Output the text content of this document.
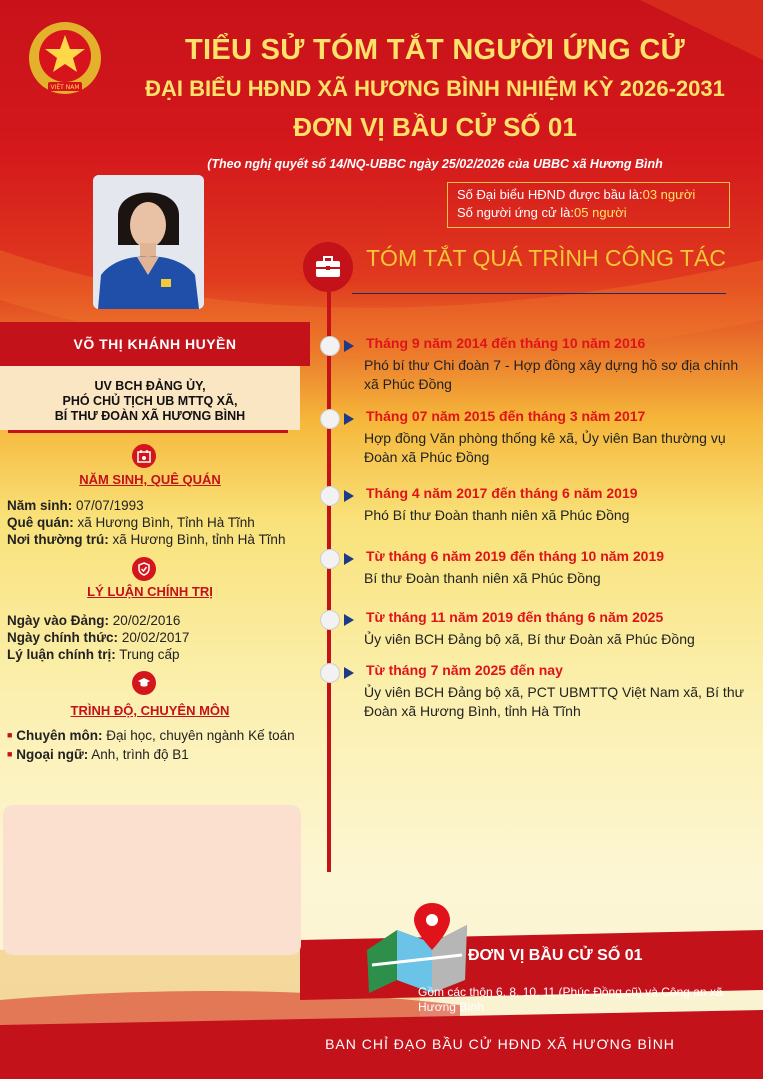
VIỆT NAM
TIỂU SỬ TÓM TẮT NGƯỜI ỨNG CỬ
ĐẠI BIỂU HĐND XÃ HƯƠNG BÌNH NHIỆM KỲ 2026-2031
ĐƠN VỊ BẦU CỬ SỐ 01
(Theo nghị quyết số 14/NQ-UBBC ngày 25/02/2026 của UBBC xã Hương Bình
Số Đại biểu HĐND được bầu là:03 người
Số người ứng cử là:05 người
VÕ THỊ KHÁNH HUYỀN
UV BCH ĐẢNG ỦY,
PHÓ CHỦ TỊCH UB MTTQ XÃ,
BÍ THƯ ĐOÀN XÃ HƯƠNG BÌNH
NĂM SINH, QUÊ QUÁN
Năm sinh: 07/07/1993
Quê quán: xã Hương Bình, Tỉnh Hà Tĩnh
Nơi thường trú: xã Hương Bình, tỉnh Hà Tĩnh
LÝ LUẬN CHÍNH TRỊ
Ngày vào Đảng: 20/02/2016
Ngày chính thức: 20/02/2017
Lý luận chính trị: Trung cấp
TRÌNH ĐỘ, CHUYÊN MÔN
■ Chuyên môn: Đại học, chuyên ngành Kế toán
■ Ngoại ngữ: Anh, trình độ B1
TÓM TẮT QUÁ TRÌNH CÔNG TÁC
Tháng 9 năm 2014 đến tháng 10 năm 2016
Phó bí thư Chi đoàn 7 - Hợp đồng xây dựng hồ sơ địa chính xã Phúc Đồng
Tháng 07 năm 2015 đến tháng 3 năm 2017
Hợp đồng Văn phòng thống kê xã, Ủy viên Ban thường vụ Đoàn xã Phúc Đồng
Tháng 4 năm 2017 đến tháng 6 năm 2019
Phó Bí thư Đoàn thanh niên xã Phúc Đồng
Từ tháng 6 năm 2019 đến tháng 10 năm 2019
Bí thư Đoàn thanh niên xã Phúc Đồng
Từ tháng 11 năm 2019 đến tháng 6 năm 2025
Ủy viên BCH Đảng bộ xã, Bí thư Đoàn xã Phúc Đồng
Từ tháng 7 năm 2025 đến nay
Ủy viên BCH Đảng bộ xã, PCT UBMTTQ Việt Nam xã, Bí thư Đoàn xã Hương Bình, tỉnh Hà Tĩnh
ĐƠN VỊ BẦU CỬ SỐ 01
Gồm các thôn 6, 8, 10, 11 (Phúc Đồng cũ) và Công an xã Hương Bình
BAN CHỈ ĐẠO BẦU CỬ HĐND XÃ HƯƠNG BÌNH
